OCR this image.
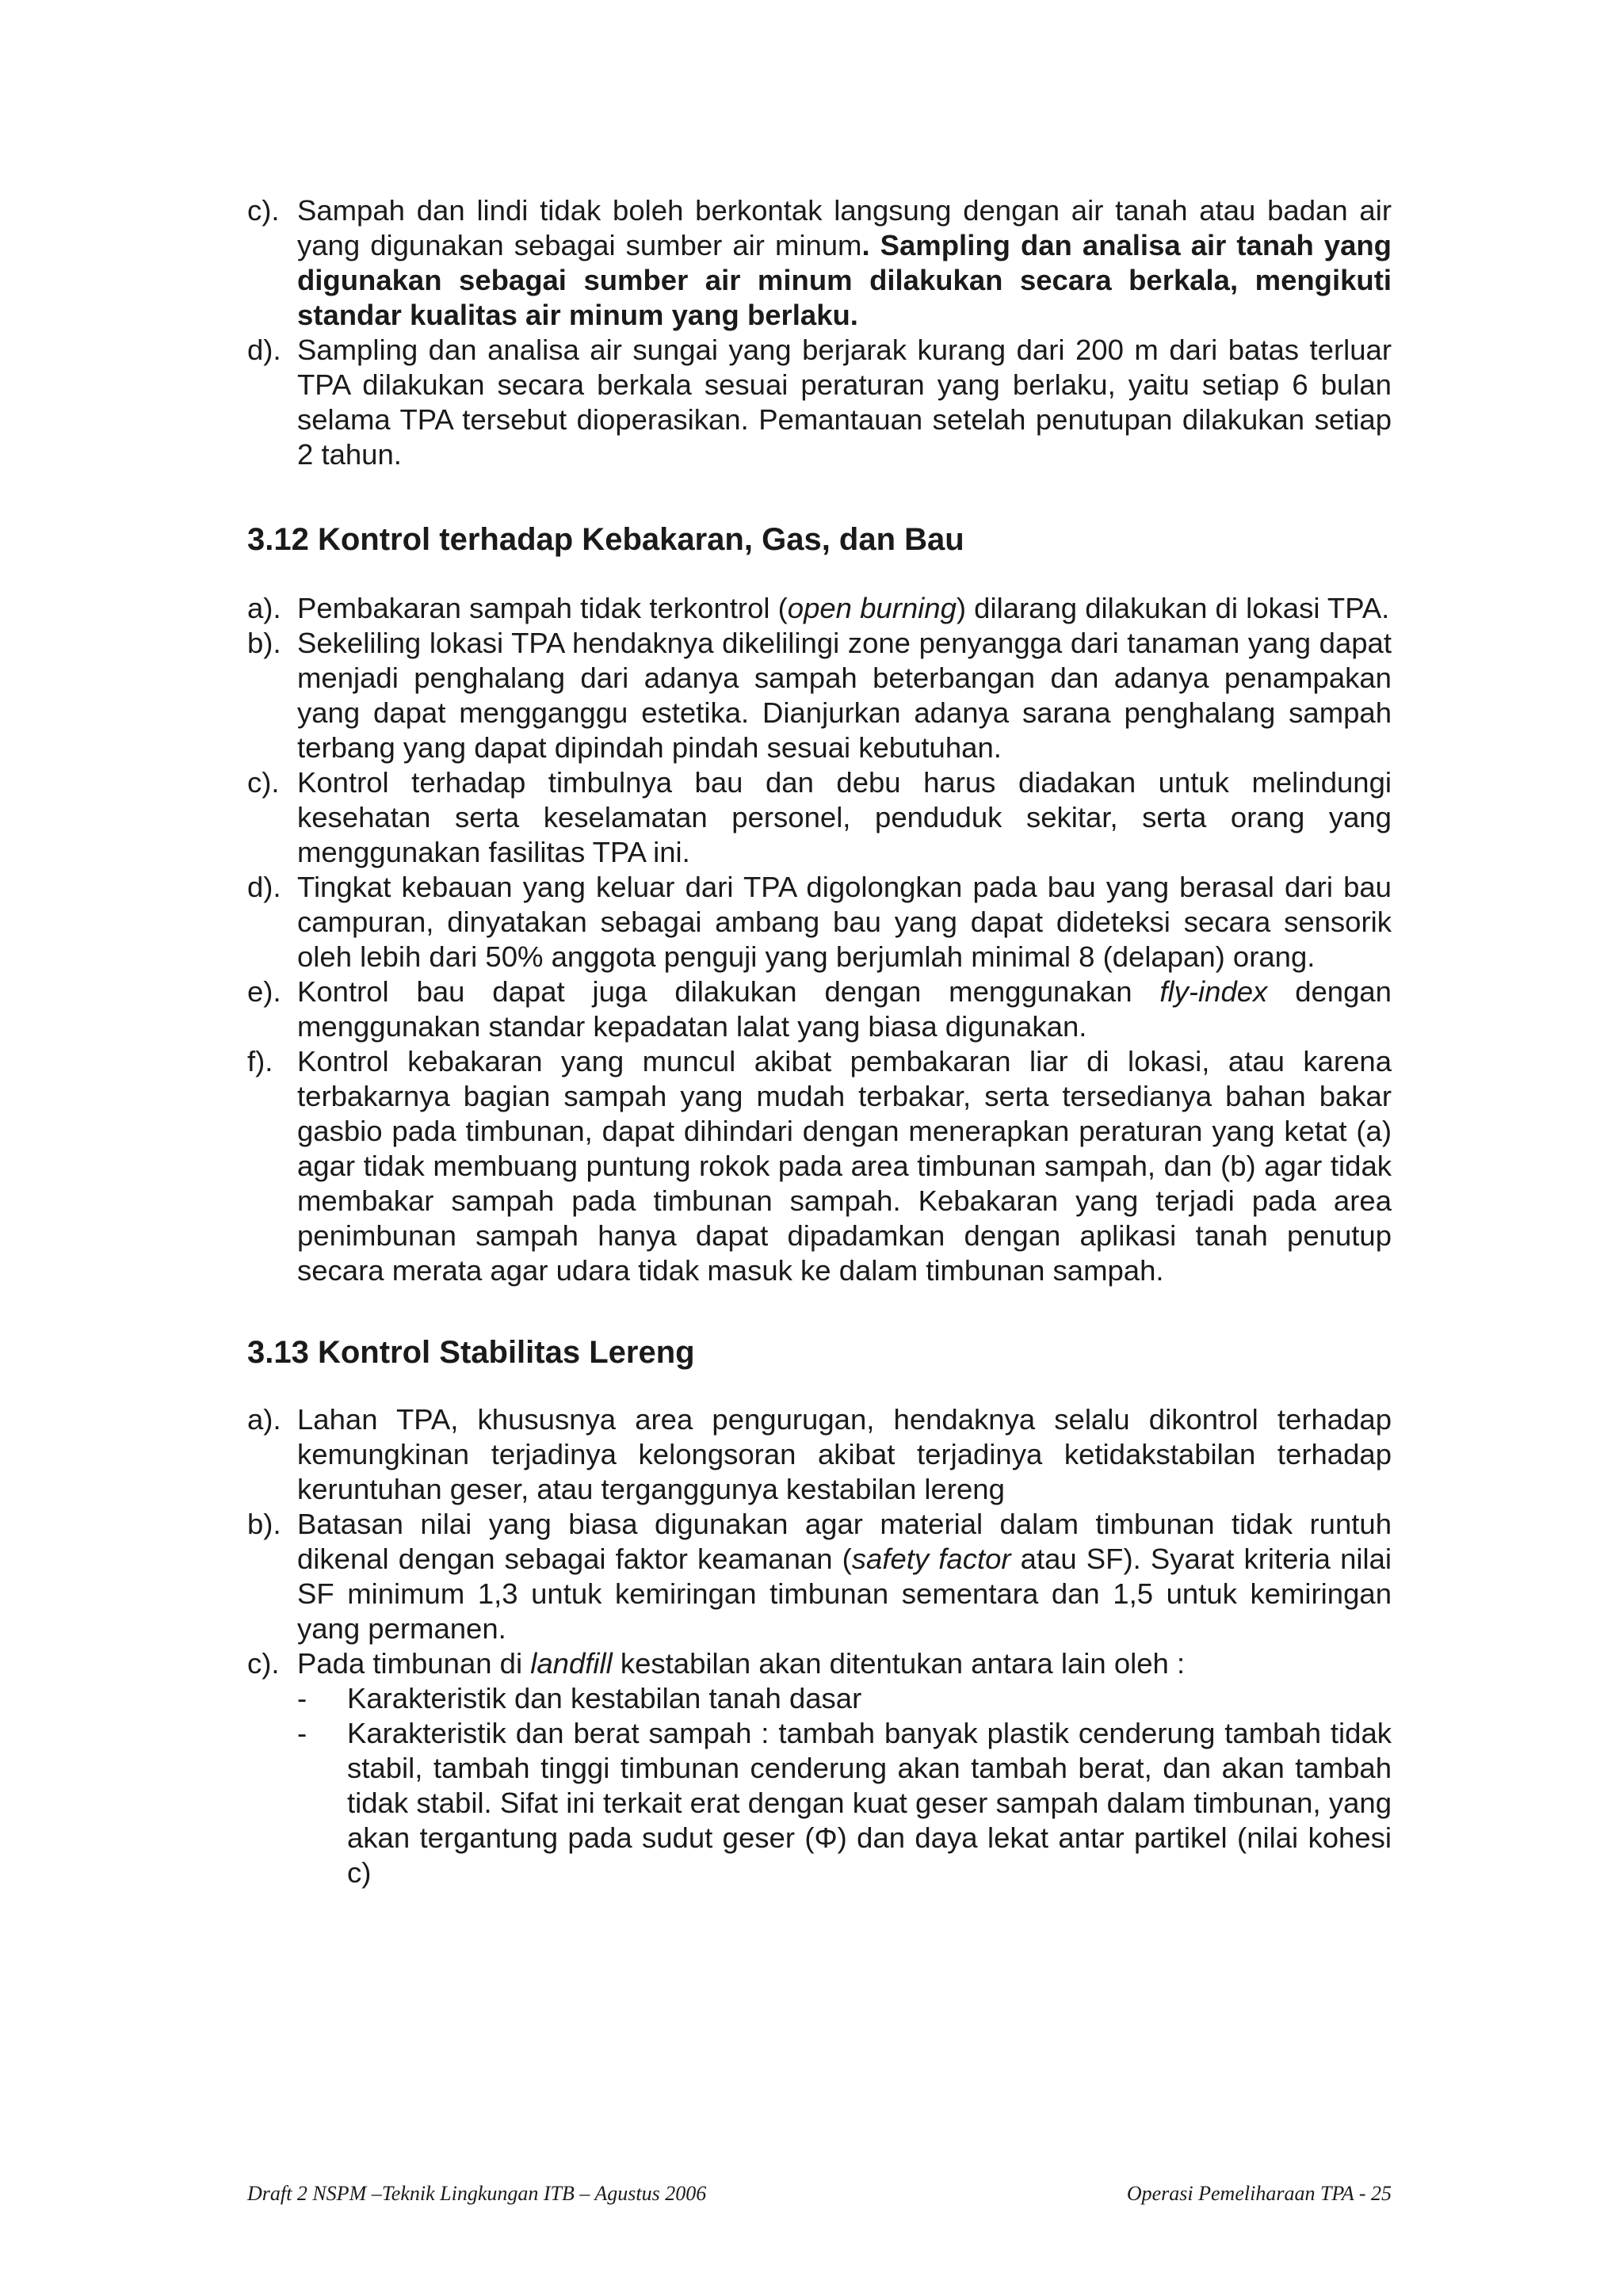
c). Sampah dan lindi tidak boleh berkontak langsung dengan air tanah atau badan air yang digunakan sebagai sumber air minum. Sampling dan analisa air tanah yang digunakan sebagai sumber air minum dilakukan secara berkala, mengikuti standar kualitas air minum yang berlaku.
d). Sampling dan analisa air sungai yang berjarak kurang dari 200 m dari batas terluar TPA dilakukan secara berkala sesuai peraturan yang berlaku, yaitu setiap 6 bulan selama TPA tersebut dioperasikan. Pemantauan setelah penutupan dilakukan setiap 2 tahun.
3.12 Kontrol terhadap Kebakaran, Gas, dan Bau
a). Pembakaran sampah tidak terkontrol (open burning) dilarang dilakukan di lokasi TPA.
b). Sekeliling lokasi TPA hendaknya dikelilingi zone penyangga dari tanaman yang dapat menjadi penghalang dari adanya sampah beterbangan dan adanya penampakan yang dapat mengganggu estetika. Dianjurkan adanya sarana penghalang sampah terbang yang dapat dipindah pindah sesuai kebutuhan.
c). Kontrol terhadap timbulnya bau dan debu harus diadakan untuk melindungi kesehatan serta keselamatan personel, penduduk sekitar, serta orang yang menggunakan fasilitas TPA ini.
d). Tingkat kebauan yang keluar dari TPA digolongkan pada bau yang berasal dari bau campuran, dinyatakan sebagai ambang bau yang dapat dideteksi secara sensorik oleh lebih dari 50% anggota penguji yang berjumlah minimal 8 (delapan) orang.
e). Kontrol bau dapat juga dilakukan dengan menggunakan fly-index dengan menggunakan standar kepadatan lalat yang biasa digunakan.
f). Kontrol kebakaran yang muncul akibat pembakaran liar di lokasi, atau karena terbakarnya bagian sampah yang mudah terbakar, serta tersedianya bahan bakar gasbio pada timbunan, dapat dihindari dengan menerapkan peraturan yang ketat (a) agar tidak membuang puntung rokok pada area timbunan sampah, dan (b) agar tidak membakar sampah pada timbunan sampah. Kebakaran yang terjadi pada area penimbunan sampah hanya dapat dipadamkan dengan aplikasi tanah penutup secara merata agar udara tidak masuk ke dalam timbunan sampah.
3.13 Kontrol Stabilitas Lereng
a). Lahan TPA, khususnya area pengurugan, hendaknya selalu dikontrol terhadap kemungkinan terjadinya kelongsoran akibat terjadinya ketidakstabilan terhadap keruntuhan geser, atau terganggunya kestabilan lereng
b). Batasan nilai yang biasa digunakan agar material dalam timbunan tidak runtuh dikenal dengan sebagai faktor keamanan (safety factor atau SF). Syarat kriteria nilai SF minimum 1,3 untuk kemiringan timbunan sementara dan 1,5 untuk kemiringan yang permanen.
c). Pada timbunan di landfill kestabilan akan ditentukan antara lain oleh :
-	Karakteristik dan kestabilan tanah dasar
-	Karakteristik dan berat sampah : tambah banyak plastik cenderung tambah tidak stabil, tambah tinggi timbunan cenderung akan tambah berat, dan akan tambah tidak stabil. Sifat ini terkait erat dengan kuat geser sampah dalam timbunan, yang akan tergantung pada sudut geser (Φ) dan daya lekat antar partikel (nilai kohesi c)
Draft 2 NSPM –Teknik Lingkungan ITB – Agustus 2006	Operasi Pemeliharaan TPA - 25
